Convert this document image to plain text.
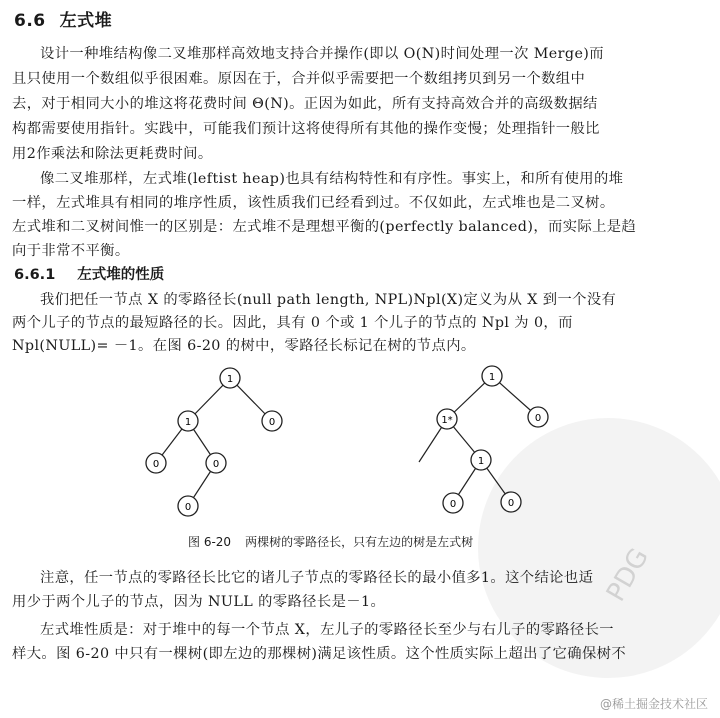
PDG
6.6 左式堆
设计一种堆结构像二叉堆那样高效地支持合并操作(即以 O(N)时间处理一次 Merge)而
且只使用一个数组似乎很困难。原因在于，合并似乎需要把一个数组拷贝到另一个数组中
去，对于相同大小的堆这将花费时间 Θ(N)。正因为如此，所有支持高效合并的高级数据结
构都需要使用指针。实践中，可能我们预计这将使得所有其他的操作变慢；处理指针一般比
用2作乘法和除法更耗费时间。
像二叉堆那样，左式堆(leftist heap)也具有结构特性和有序性。事实上，和所有使用的堆
一样，左式堆具有相同的堆序性质，该性质我们已经看到过。不仅如此，左式堆也是二叉树。
左式堆和二叉树间惟一的区别是：左式堆不是理想平衡的(perfectly balanced)，而实际上是趋
向于非常不平衡。
6.6.1 左式堆的性质
我们把任一节点 X 的零路径长(null path length, NPL)Npl(X)定义为从 X 到一个没有
两个儿子的节点的最短路径的长。因此，具有 0 个或 1 个儿子的节点的 Npl 为 0，而
Npl(NULL)= －1。在图 6-20 的树中，零路径长标记在树的节点内。
1
1	0
0	0
0
1
1*	0
1
0	0
图 6-20 两棵树的零路径长，只有左边的树是左式树
注意，任一节点的零路径长比它的诸儿子节点的零路径长的最小值多1。这个结论也适
用少于两个儿子的节点，因为 NULL 的零路径长是－1。
左式堆性质是：对于堆中的每一个节点 X，左儿子的零路径长至少与右儿子的零路径长一
样大。图 6-20 中只有一棵树(即左边的那棵树)满足该性质。这个性质实际上超出了它确保树不
@稀土掘金技术社区
